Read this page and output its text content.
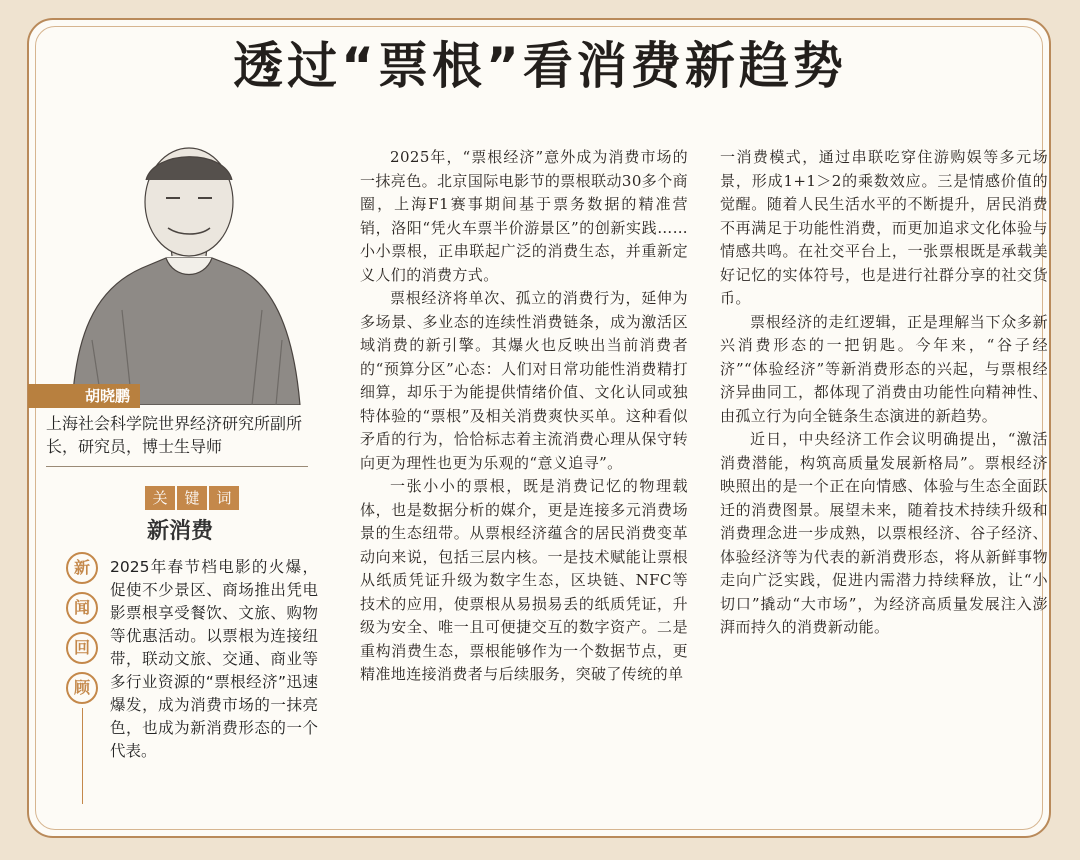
透过“票根”看消费新趋势
胡晓鹏

上海社会科学院世界经济研究所副所长，研究员，博士生导师

关	键	词
新消费
新
闻
回
顾

2025年春节档电影的火爆，促使不少景区、商场推出凭电影票根享受餐饮、文旅、购物等优惠活动。以票根为连接纽带，联动文旅、交通、商业等多行业资源的“票根经济”迅速爆发，成为消费市场的一抹亮色，也成为新消费形态的一个代表。

2025年，“票根经济”意外成为消费市场的一抹亮色。北京国际电影节的票根联动30多个商圈，上海F1赛事期间基于票务数据的精准营销，洛阳“凭火车票半价游景区”的创新实践……小小票根，正串联起广泛的消费生态，并重新定义人们的消费方式。

票根经济将单次、孤立的消费行为，延伸为多场景、多业态的连续性消费链条，成为激活区域消费的新引擎。其爆火也反映出当前消费者的“预算分区”心态：人们对日常功能性消费精打细算，却乐于为能提供情绪价值、文化认同或独特体验的“票根”及相关消费爽快买单。这种看似矛盾的行为，恰恰标志着主流消费心理从保守转向更为理性也更为乐观的“意义追寻”。

一张小小的票根，既是消费记忆的物理载体，也是数据分析的媒介，更是连接多元消费场景的生态纽带。从票根经济蕴含的居民消费变革动向来说，包括三层内核。一是技术赋能让票根从纸质凭证升级为数字生态，区块链、NFC等技术的应用，使票根从易损易丢的纸质凭证，升级为安全、唯一且可便捷交互的数字资产。二是重构消费生态，票根能够作为一个数据节点，更精准地连接消费者与后续服务，突破了传统的单

一消费模式，通过串联吃穿住游购娱等多元场景，形成1+1＞2的乘数效应。三是情感价值的觉醒。随着人民生活水平的不断提升，居民消费不再满足于功能性消费，而更加追求文化体验与情感共鸣。在社交平台上，一张票根既是承载美好记忆的实体符号，也是进行社群分享的社交货币。

票根经济的走红逻辑，正是理解当下众多新兴消费形态的一把钥匙。今年来，“谷子经济”“体验经济”等新消费形态的兴起，与票根经济异曲同工，都体现了消费由功能性向精神性、由孤立行为向全链条生态演进的新趋势。

近日，中央经济工作会议明确提出，“激活消费潜能，构筑高质量发展新格局”。票根经济映照出的是一个正在向情感、体验与生态全面跃迁的消费图景。展望未来，随着技术持续升级和消费理念进一步成熟，以票根经济、谷子经济、体验经济等为代表的新消费形态，将从新鲜事物走向广泛实践，促进内需潜力持续释放，让“小切口”撬动“大市场”，为经济高质量发展注入澎湃而持久的消费新动能。
